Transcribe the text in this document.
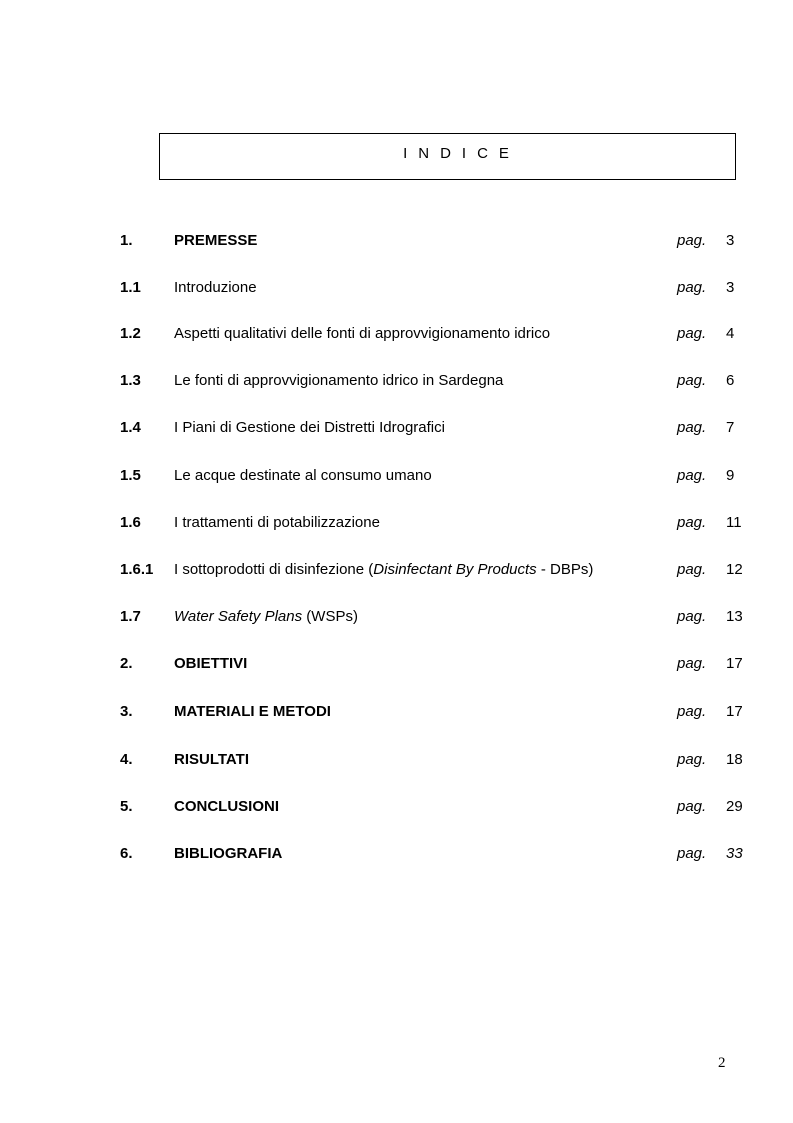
INDICE
1.	PREMESSE	pag. 3
1.1 Introduzione	pag. 3
1.2 Aspetti qualitativi delle fonti di approvvigionamento idrico	pag. 4
1.3 Le fonti di approvvigionamento idrico in Sardegna	pag. 6
1.4 I Piani di Gestione dei Distretti Idrografici	pag. 7
1.5 Le acque destinate al consumo umano	pag. 9
1.6 I trattamenti di potabilizzazione	pag. 11
1.6.1 I sottoprodotti di disinfezione (Disinfectant By Products - DBPs)	pag. 12
1.7 Water Safety Plans (WSPs)	pag. 13
2.	OBIETTIVI	pag. 17
3.	MATERIALI E METODI	pag. 17
4.	RISULTATI	pag. 18
5.	CONCLUSIONI	pag. 29
6.	BIBLIOGRAFIA	pag. 33
2
